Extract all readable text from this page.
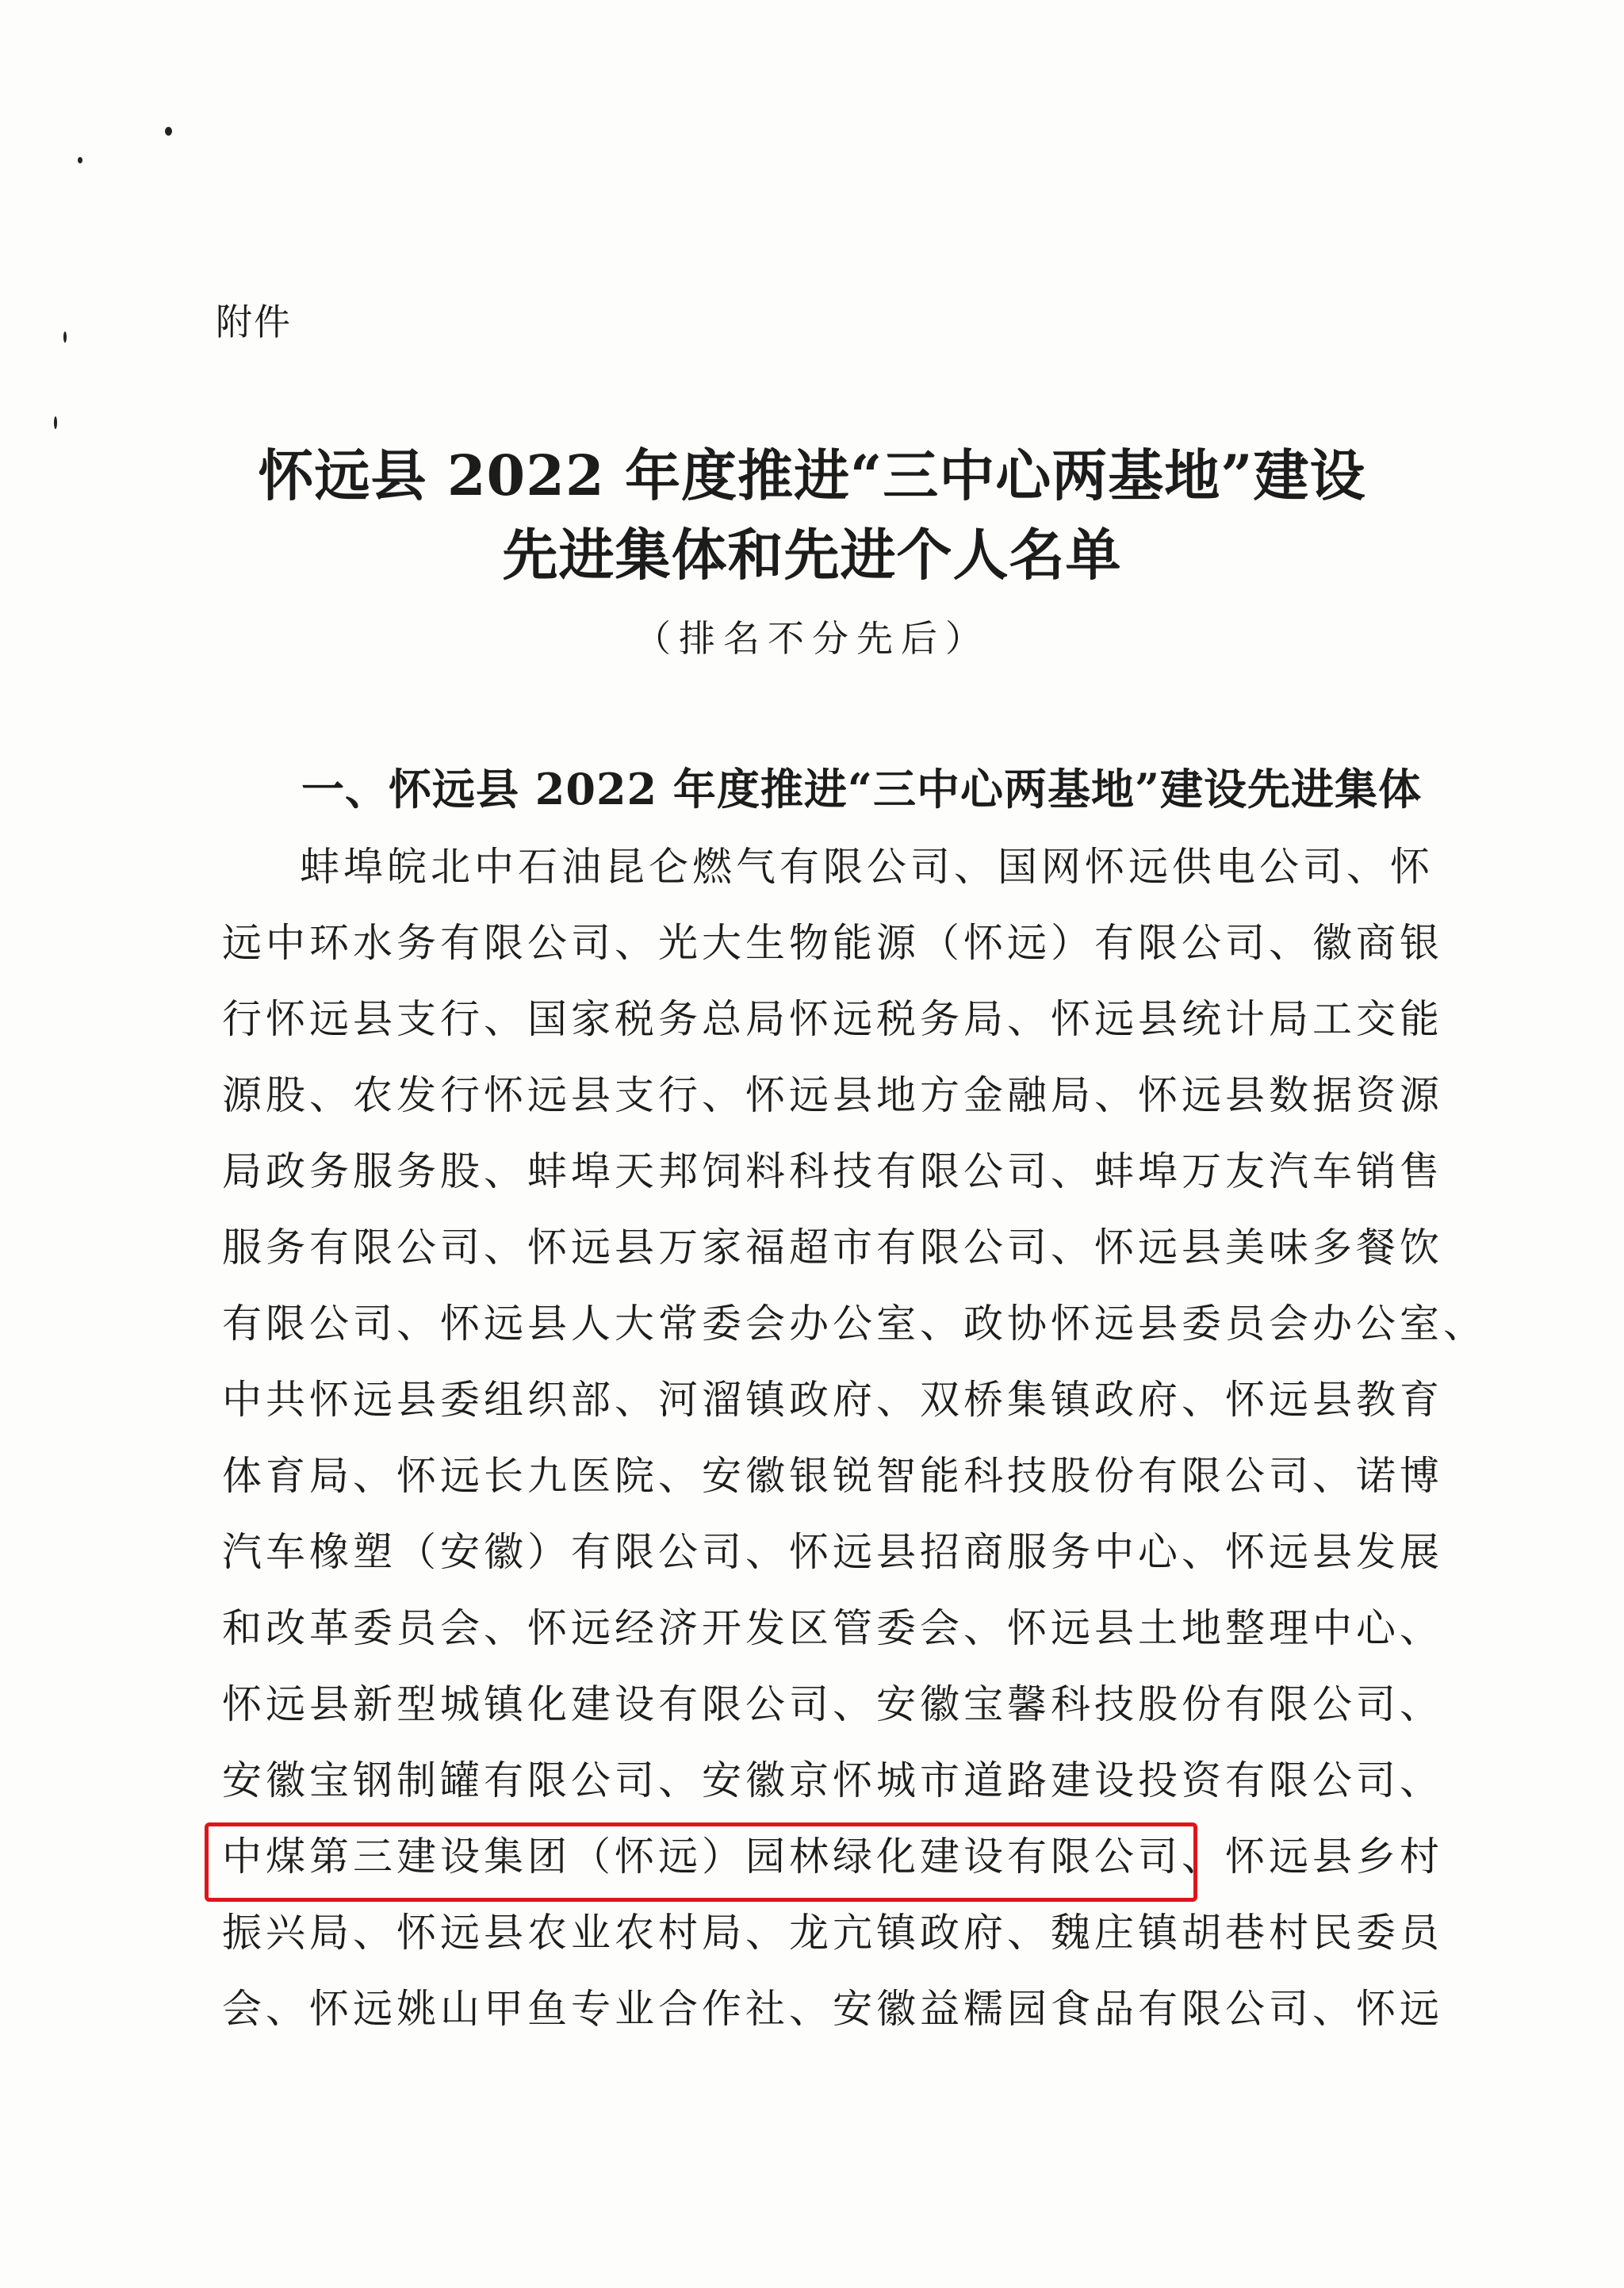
附件
怀远县 2022 年度推进“三中心两基地”建设
先进集体和先进个人名单
（排名不分先后）
一、怀远县 2022 年度推进“三中心两基地”建设先进集体
蚌埠皖北中石油昆仑燃气有限公司、国网怀远供电公司、怀
远中环水务有限公司、光大生物能源（怀远）有限公司、徽商银
行怀远县支行、国家税务总局怀远税务局、怀远县统计局工交能
源股、农发行怀远县支行、怀远县地方金融局、怀远县数据资源
局政务服务股、蚌埠天邦饲料科技有限公司、蚌埠万友汽车销售
服务有限公司、怀远县万家福超市有限公司、怀远县美味多餐饮
有限公司、怀远县人大常委会办公室、政协怀远县委员会办公室、
中共怀远县委组织部、河溜镇政府、双桥集镇政府、怀远县教育
体育局、怀远长九医院、安徽银锐智能科技股份有限公司、诺博
汽车橡塑（安徽）有限公司、怀远县招商服务中心、怀远县发展
和改革委员会、怀远经济开发区管委会、怀远县土地整理中心、
怀远县新型城镇化建设有限公司、安徽宝馨科技股份有限公司、
安徽宝钢制罐有限公司、安徽京怀城市道路建设投资有限公司、
中煤第三建设集团（怀远）园林绿化建设有限公司、怀远县乡村
振兴局、怀远县农业农村局、龙亢镇政府、魏庄镇胡巷村民委员
会、怀远姚山甲鱼专业合作社、安徽益糯园食品有限公司、怀远
